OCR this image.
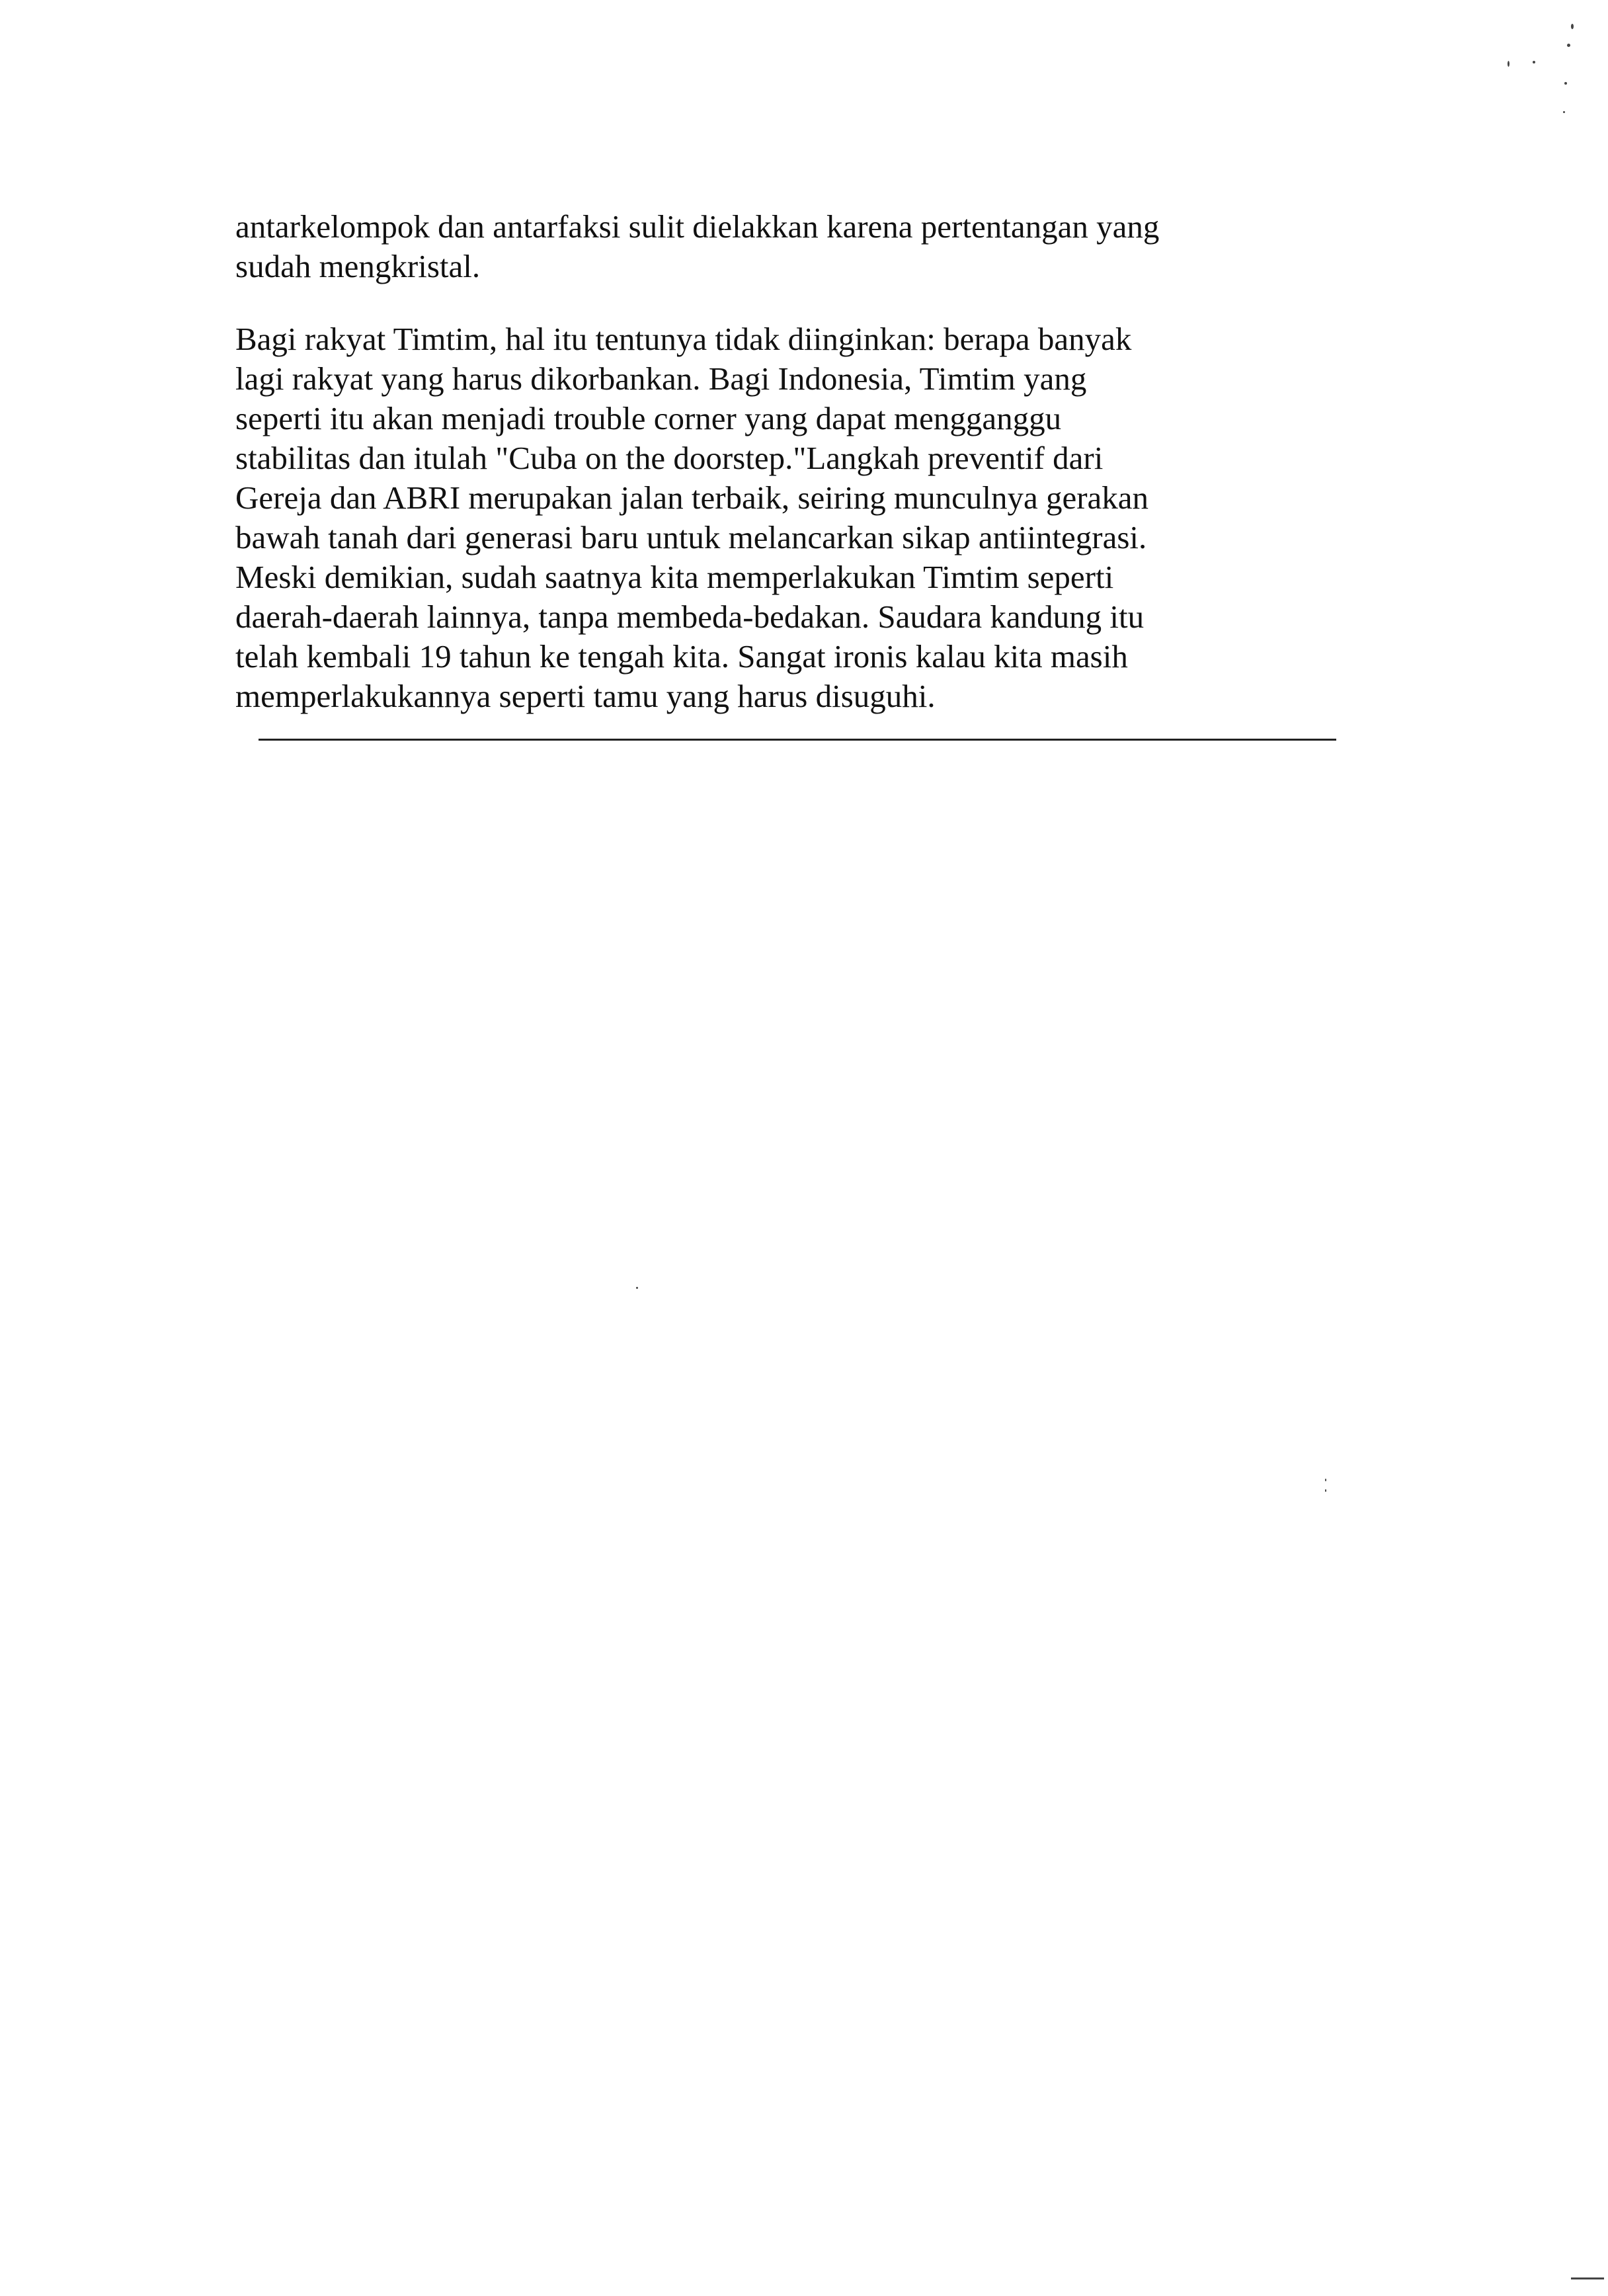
antarkelompok dan antarfaksi sulit dielakkan karena pertentangan yang
sudah mengkristal.
Bagi rakyat Timtim, hal itu tentunya tidak diinginkan: berapa banyak
lagi rakyat yang harus dikorbankan. Bagi Indonesia, Timtim yang
seperti itu akan menjadi trouble corner yang dapat mengganggu
stabilitas dan itulah "Cuba on the doorstep."Langkah preventif dari
Gereja dan ABRI merupakan jalan terbaik, seiring munculnya gerakan
bawah tanah dari generasi baru untuk melancarkan sikap antiintegrasi.
Meski demikian, sudah saatnya kita memperlakukan Timtim seperti
daerah-daerah lainnya, tanpa membeda-bedakan. Saudara kandung itu
telah kembali 19 tahun ke tengah kita. Sangat ironis kalau kita masih
memperlakukannya seperti tamu yang harus disuguhi.
